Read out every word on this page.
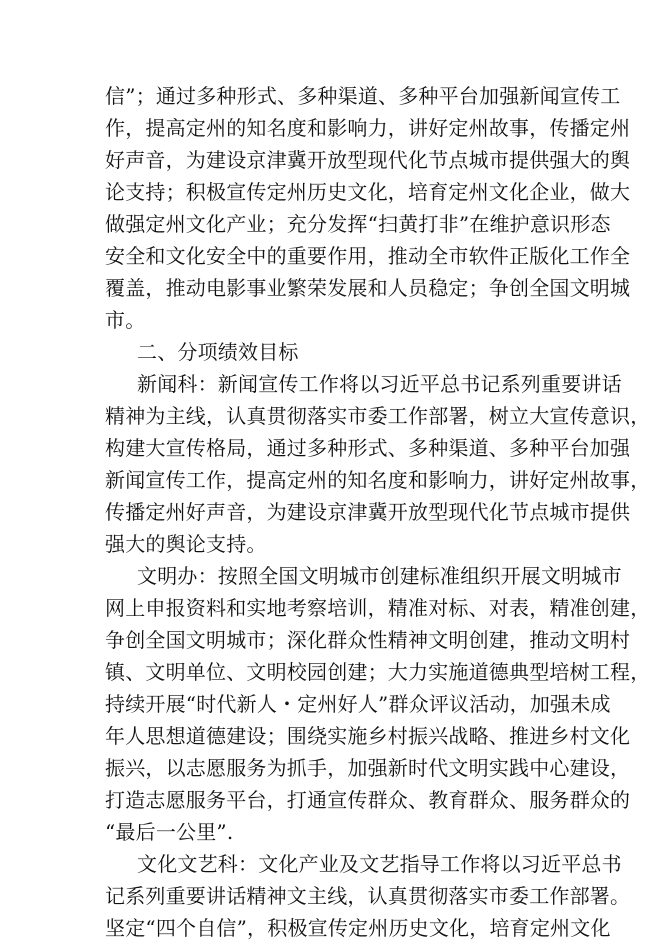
信”；通过多种形式、多种渠道、多种平台加强新闻宣传工
作，提高定州的知名度和影响力，讲好定州故事，传播定州
好声音，为建设京津冀开放型现代化节点城市提供强大的舆
论支持；积极宣传定州历史文化，培育定州文化企业，做大
做强定州文化产业；充分发挥“扫黄打非”在维护意识形态
安全和文化安全中的重要作用，推动全市软件正版化工作全
覆盖，推动电影事业繁荣发展和人员稳定；争创全国文明城
市。
二、分项绩效目标
新闻科：新闻宣传工作将以习近平总书记系列重要讲话
精神为主线，认真贯彻落实市委工作部署，树立大宣传意识，
构建大宣传格局，通过多种形式、多种渠道、多种平台加强
新闻宣传工作，提高定州的知名度和影响力，讲好定州故事，
传播定州好声音，为建设京津冀开放型现代化节点城市提供
强大的舆论支持。
文明办：按照全国文明城市创建标准组织开展文明城市
网上申报资料和实地考察培训，精准对标、对表，精准创建，
争创全国文明城市；深化群众性精神文明创建，推动文明村
镇、文明单位、文明校园创建；大力实施道德典型培树工程，
持续开展“时代新人・定州好人”群众评议活动，加强未成
年人思想道德建设；围绕实施乡村振兴战略、推进乡村文化
振兴，以志愿服务为抓手，加强新时代文明实践中心建设，
打造志愿服务平台，打通宣传群众、教育群众、服务群众的
“最后一公里”.
文化文艺科：文化产业及文艺指导工作将以习近平总书
记系列重要讲话精神文主线，认真贯彻落实市委工作部署。
坚定“四个自信”，积极宣传定州历史文化，培育定州文化
